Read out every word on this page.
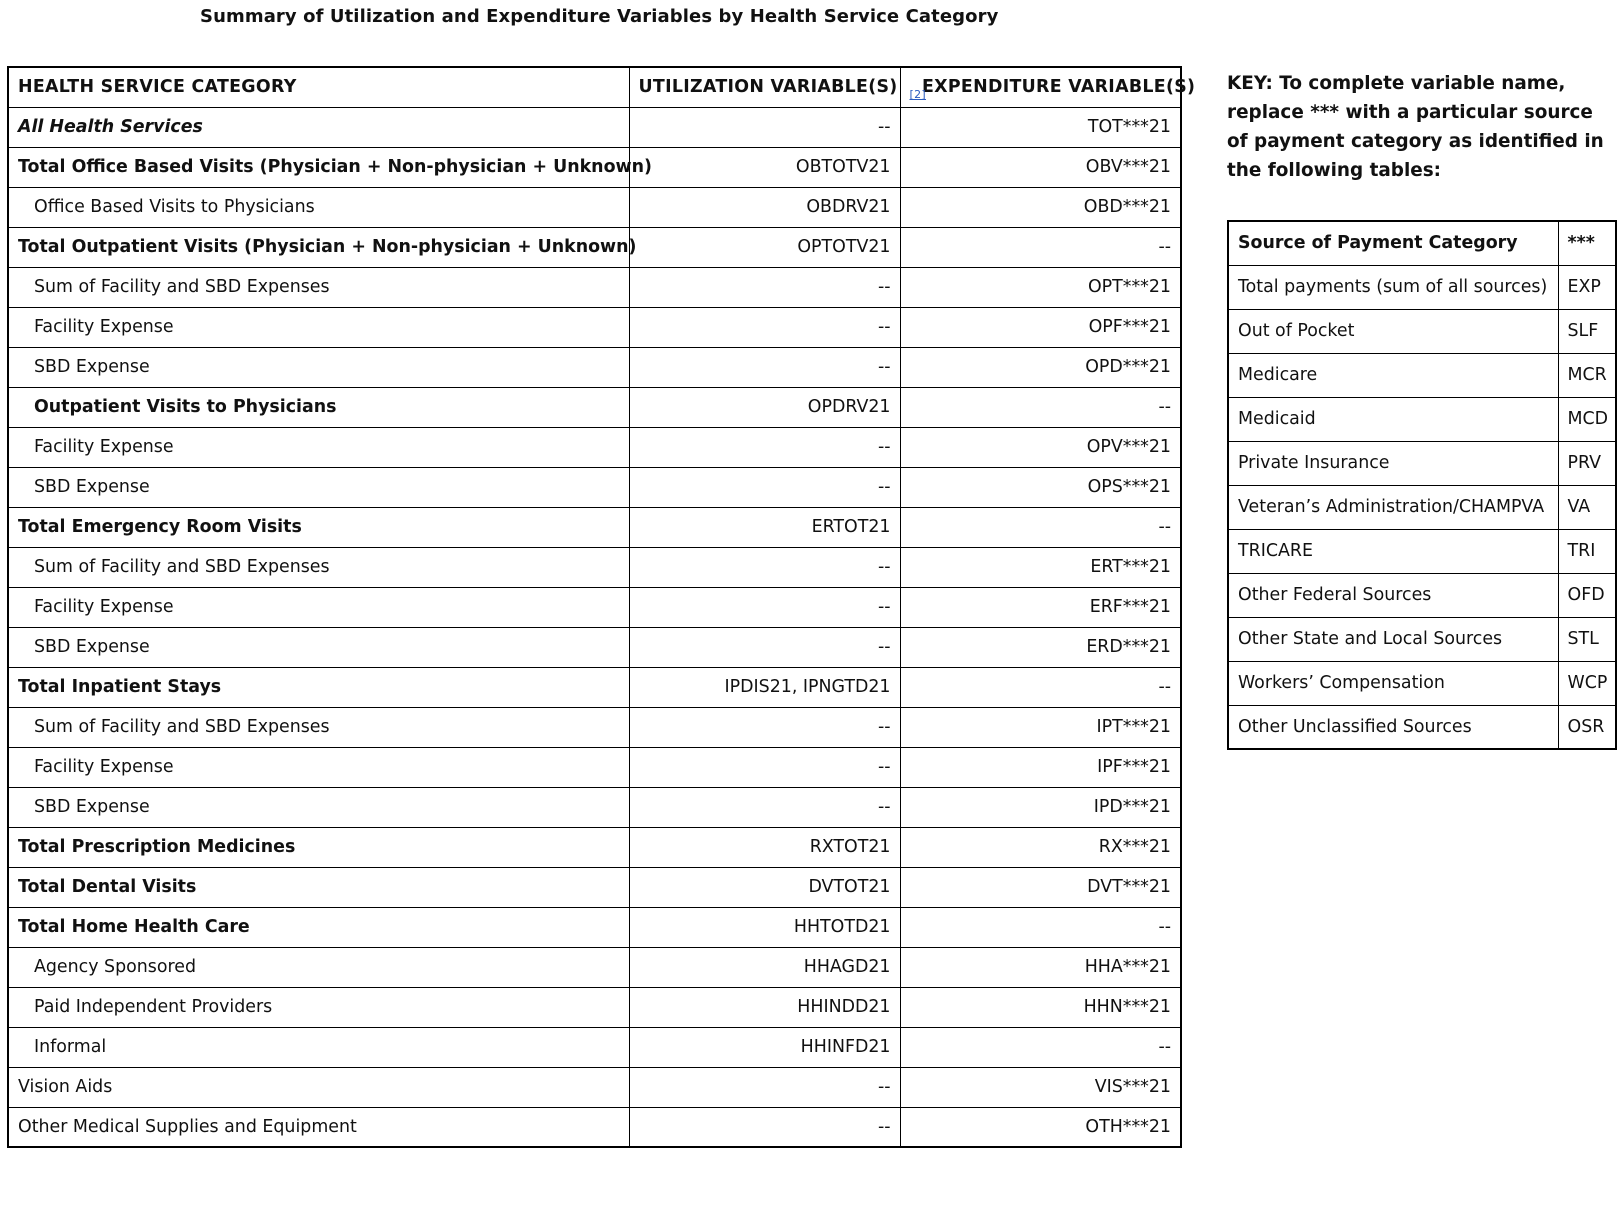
Summary of Utilization and Expenditure Variables by Health Service Category
HEALTH SERVICE CATEGORY	UTILIZATION VARIABLE(S)	$_{[2]}$EXPENDITURE VARIABLE(S)
All Health Services	--	TOT***21
Total Office Based Visits (Physician + Non-physician + Unknown)	OBTOTV21	OBV***21
Office Based Visits to Physicians	OBDRV21	OBD***21
Total Outpatient Visits (Physician + Non-physician + Unknown)	OPTOTV21	--
Sum of Facility and SBD Expenses	--	OPT***21
Facility Expense	--	OPF***21
SBD Expense	--	OPD***21
Outpatient Visits to Physicians	OPDRV21	--
Facility Expense	--	OPV***21
SBD Expense	--	OPS***21
Total Emergency Room Visits	ERTOT21	--
Sum of Facility and SBD Expenses	--	ERT***21
Facility Expense	--	ERF***21
SBD Expense	--	ERD***21
Total Inpatient Stays	IPDIS21, IPNGTD21	--
Sum of Facility and SBD Expenses	--	IPT***21
Facility Expense	--	IPF***21
SBD Expense	--	IPD***21
Total Prescription Medicines	RXTOT21	RX***21
Total Dental Visits	DVTOT21	DVT***21
Total Home Health Care	HHTOTD21	--
Agency Sponsored	HHAGD21	HHA***21
Paid Independent Providers	HHINDD21	HHN***21
Informal	HHINFD21	--
Vision Aids	--	VIS***21
Other Medical Supplies and Equipment	--	OTH***21
KEY: To complete variable name, replace *** with a particular source of payment category as identified in the following tables:
Source of Payment Category	***
Total payments (sum of all sources)	EXP
Out of Pocket	SLF
Medicare	MCR
Medicaid	MCD
Private Insurance	PRV
Veteran’s Administration/CHAMPVA	VA
TRICARE	TRI
Other Federal Sources	OFD
Other State and Local Sources	STL
Workers’ Compensation	WCP
Other Unclassified Sources	OSR
